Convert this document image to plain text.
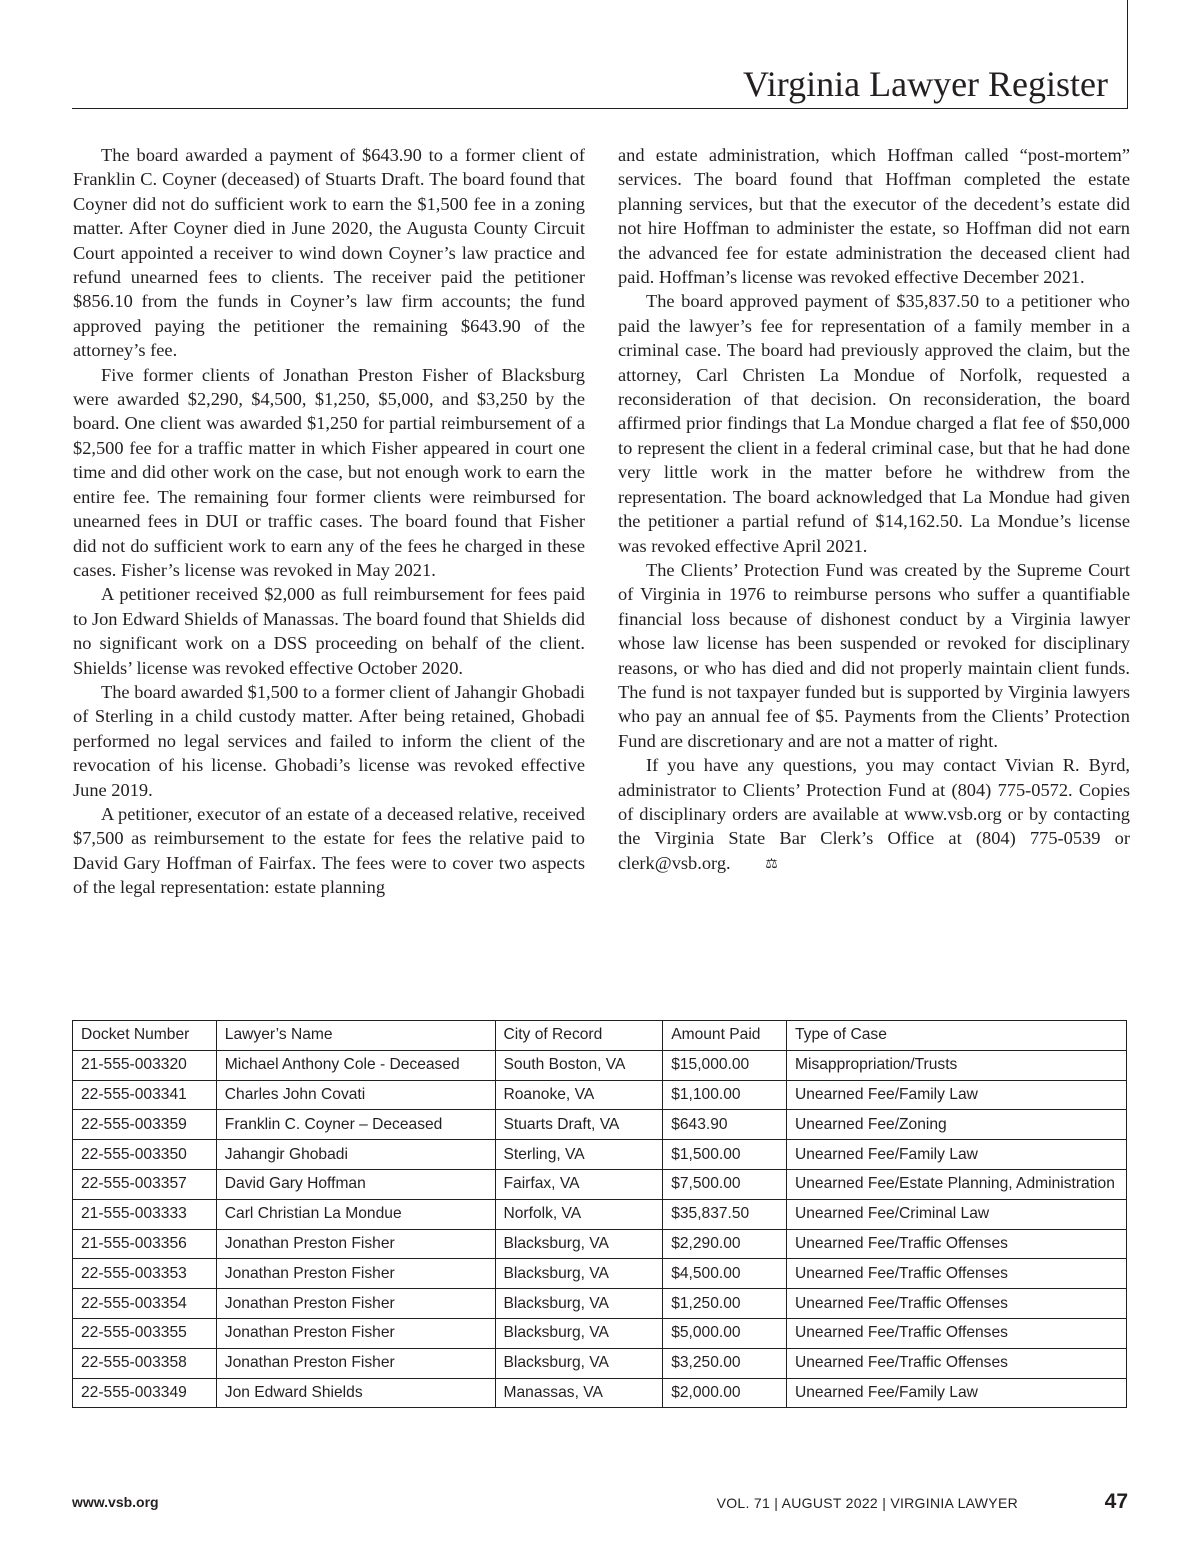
Virginia Lawyer Register

The board awarded a payment of $643.90 to a former client of Franklin C. Coyner (deceased) of Stuarts Draft. The board found that Coyner did not do sufficient work to earn the $1,500 fee in a zoning matter. After Coyner died in June 2020, the Augusta County Circuit Court appointed a receiver to wind down Coyner’s law practice and refund unearned fees to clients. The receiver paid the petitioner $856.10 from the funds in Coyner’s law firm accounts; the fund approved paying the petitioner the remaining $643.90 of the attorney’s fee.

Five former clients of Jonathan Preston Fisher of Blacksburg were awarded $2,290, $4,500, $1,250, $5,000, and $3,250 by the board. One client was awarded $1,250 for partial reimbursement of a $2,500 fee for a traffic matter in which Fisher appeared in court one time and did other work on the case, but not enough work to earn the entire fee. The remaining four former clients were reimbursed for unearned fees in DUI or traffic cases. The board found that Fisher did not do sufficient work to earn any of the fees he charged in these cases. Fisher’s license was revoked in May 2021.

A petitioner received $2,000 as full reimbursement for fees paid to Jon Edward Shields of Manassas. The board found that Shields did no significant work on a DSS proceeding on behalf of the client. Shields’ license was revoked effective October 2020.

The board awarded $1,500 to a former client of Jahangir Ghobadi of Sterling in a child custody matter. After being retained, Ghobadi performed no legal services and failed to inform the client of the revocation of his license. Ghobadi’s license was revoked effective June 2019.

A petitioner, executor of an estate of a deceased relative, received $7,500 as reimbursement to the estate for fees the relative paid to David Gary Hoffman of Fairfax. The fees were to cover two aspects of the legal representation: estate planning

and estate administration, which Hoffman called “post-mortem” services. The board found that Hoffman completed the estate planning services, but that the executor of the decedent’s estate did not hire Hoffman to administer the estate, so Hoffman did not earn the advanced fee for estate administration the deceased client had paid. Hoffman’s license was revoked effective December 2021.

The board approved payment of $35,837.50 to a petitioner who paid the lawyer’s fee for representation of a family member in a criminal case. The board had previously approved the claim, but the attorney, Carl Christen La Mondue of Norfolk, requested a reconsideration of that decision. On reconsideration, the board affirmed prior findings that La Mondue charged a flat fee of $50,000 to represent the client in a federal criminal case, but that he had done very little work in the matter before he withdrew from the representation. The board acknowledged that La Mondue had given the petitioner a partial refund of $14,162.50. La Mondue’s license was revoked effective April 2021.

The Clients’ Protection Fund was created by the Supreme Court of Virginia in 1976 to reimburse persons who suffer a quantifiable financial loss because of dishonest conduct by a Virginia lawyer whose law license has been suspended or revoked for disciplinary reasons, or who has died and did not properly maintain client funds. The fund is not taxpayer funded but is supported by Virginia lawyers who pay an annual fee of $5. Payments from the Clients’ Protection Fund are discretionary and are not a matter of right.

If you have any questions, you may contact Vivian R. Byrd, administrator to Clients’ Protection Fund at (804) 775-0572. Copies of disciplinary orders are available at www.vsb.org or by contacting the Virginia State Bar Clerk’s Office at (804) 775-0539 or clerk@vsb.org. ⚖

Docket Number	Lawyer’s Name	City of Record	Amount Paid	Type of Case
21-555-003320	Michael Anthony Cole - Deceased	South Boston, VA	$15,000.00	Misappropriation/Trusts
22-555-003341	Charles John Covati	Roanoke, VA	$1,100.00	Unearned Fee/Family Law
22-555-003359	Franklin C. Coyner – Deceased	Stuarts Draft, VA	$643.90	Unearned Fee/Zoning
22-555-003350	Jahangir Ghobadi	Sterling, VA	$1,500.00	Unearned Fee/Family Law
22-555-003357	David Gary Hoffman	Fairfax, VA	$7,500.00	Unearned Fee/Estate Planning, Administration
21-555-003333	Carl Christian La Mondue	Norfolk, VA	$35,837.50	Unearned Fee/Criminal Law
21-555-003356	Jonathan Preston Fisher	Blacksburg, VA	$2,290.00	Unearned Fee/Traffic Offenses
22-555-003353	Jonathan Preston Fisher	Blacksburg, VA	$4,500.00	Unearned Fee/Traffic Offenses
22-555-003354	Jonathan Preston Fisher	Blacksburg, VA	$1,250.00	Unearned Fee/Traffic Offenses
22-555-003355	Jonathan Preston Fisher	Blacksburg, VA	$5,000.00	Unearned Fee/Traffic Offenses
22-555-003358	Jonathan Preston Fisher	Blacksburg, VA	$3,250.00	Unearned Fee/Traffic Offenses
22-555-003349	Jon Edward Shields	Manassas, VA	$2,000.00	Unearned Fee/Family Law
www.vsb.org	VOL. 71 | AUGUST 2022 | VIRGINIA LAWYER	47
